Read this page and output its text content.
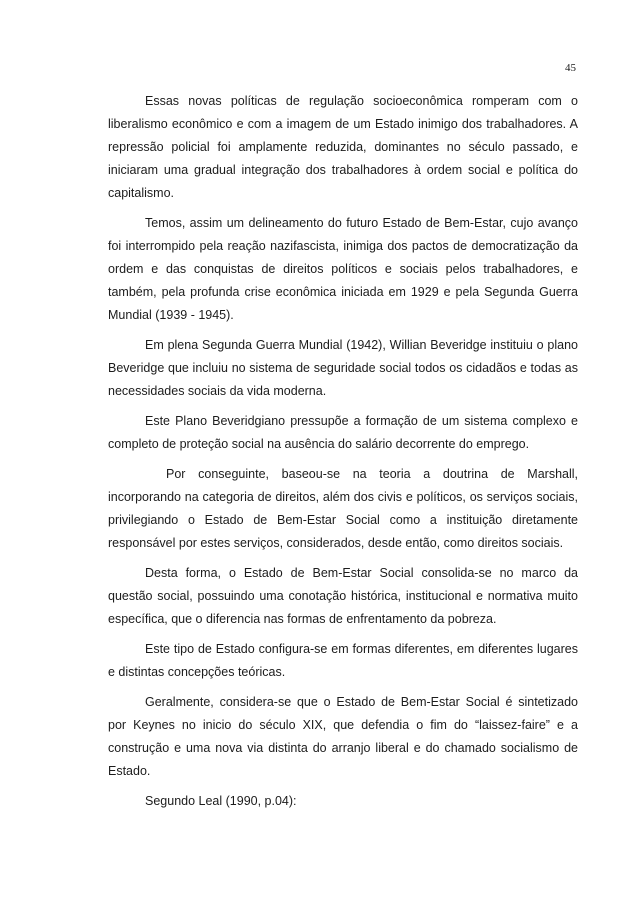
45

Essas novas políticas de regulação socioeconômica romperam com o liberalismo econômico e com a imagem de um Estado inimigo dos trabalhadores. A repressão policial foi amplamente reduzida, dominantes no século passado, e iniciaram uma gradual integração dos trabalhadores à ordem social e política do capitalismo.

Temos, assim um delineamento do futuro Estado de Bem-Estar, cujo avanço foi interrompido pela reação nazifascista, inimiga dos pactos de democratização da ordem e das conquistas de direitos políticos e sociais pelos trabalhadores, e também, pela profunda crise econômica iniciada em 1929 e pela Segunda Guerra Mundial (1939 - 1945).

Em plena Segunda Guerra Mundial (1942), Willian Beveridge instituiu o plano Beveridge que incluiu no sistema de seguridade social todos os cidadãos e todas as necessidades sociais da vida moderna.

Este Plano Beveridgiano pressupõe a formação de um sistema complexo e completo de proteção social na ausência do salário decorrente do emprego.

Por conseguinte, baseou-se na teoria a doutrina de Marshall, incorporando na categoria de direitos, além dos civis e políticos, os serviços sociais, privilegiando o Estado de Bem-Estar Social como a instituição diretamente responsável por estes serviços, considerados, desde então, como direitos sociais.

Desta forma, o Estado de Bem-Estar Social consolida-se no marco da questão social, possuindo uma conotação histórica, institucional e normativa muito específica, que o diferencia nas formas de enfrentamento da pobreza.

Este tipo de Estado configura-se em formas diferentes, em diferentes lugares e distintas concepções teóricas.

Geralmente, considera-se que o Estado de Bem-Estar Social é sintetizado por Keynes no inicio do século XIX, que defendia o fim do “laissez-faire” e a construção e uma nova via distinta do arranjo liberal e do chamado socialismo de Estado.

Segundo Leal (1990, p.04):
